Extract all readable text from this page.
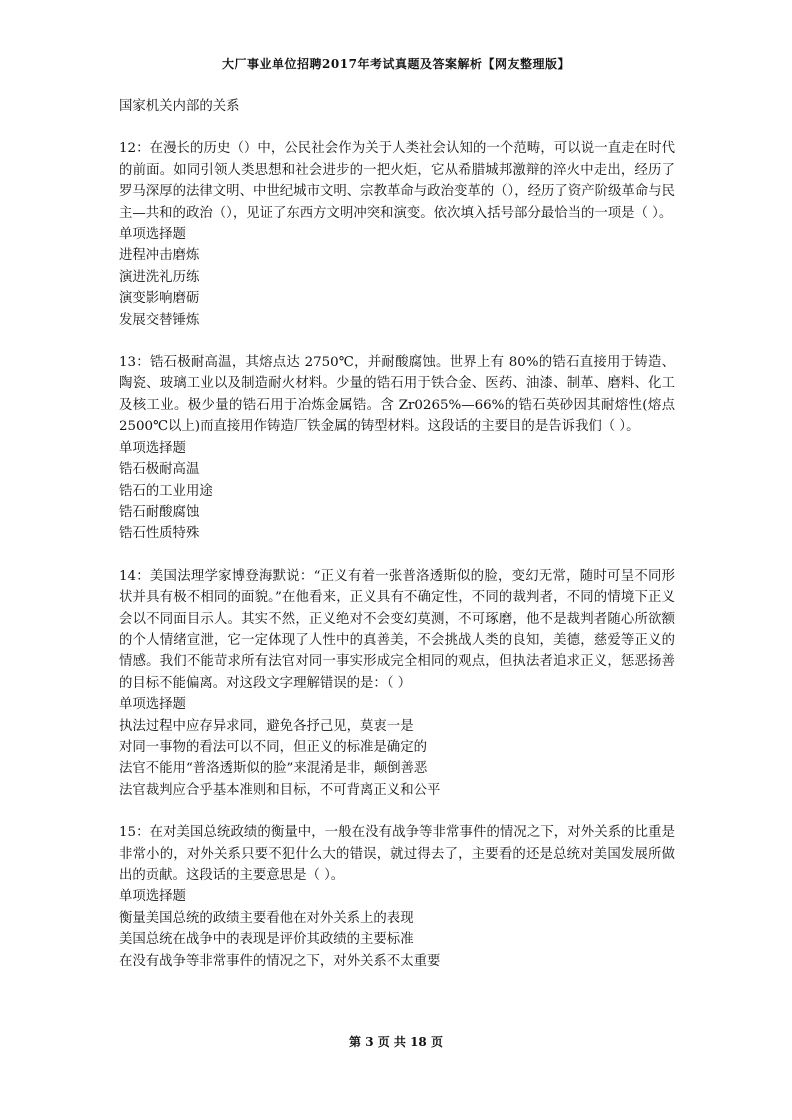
大厂事业单位招聘2017年考试真题及答案解析【网友整理版】
国家机关内部的关系
12：在漫长的历史（）中，公民社会作为关于人类社会认知的一个范畴，可以说一直走在时代的前面。如同引领人类思想和社会进步的一把火炬，它从希腊城邦激辩的淬火中走出，经历了罗马深厚的法律文明、中世纪城市文明、宗教革命与政治变革的（），经历了资产阶级革命与民主—共和的政治（），见证了东西方文明冲突和演变。依次填入括号部分最恰当的一项是（ ）。
单项选择题
进程冲击磨炼
演进洗礼历练
演变影响磨砺
发展交替锤炼
13：锆石极耐高温，其熔点达 2750℃，并耐酸腐蚀。世界上有 80%的锆石直接用于铸造、陶瓷、玻璃工业以及制造耐火材料。少量的锆石用于铁合金、医药、油漆、制革、磨料、化工及核工业。极少量的锆石用于冶炼金属锆。含 Zr0265%—66%的锆石英砂因其耐熔性(熔点 2500℃以上)而直接用作铸造厂铁金属的铸型材料。这段话的主要目的是告诉我们（ ）。
单项选择题
锆石极耐高温
锆石的工业用途
锆石耐酸腐蚀
锆石性质特殊
14：美国法理学家博登海默说：“正义有着一张普洛透斯似的脸，变幻无常，随时可呈不同形状并具有极不相同的面貌。”在他看来，正义具有不确定性，不同的裁判者，不同的情境下正义会以不同面目示人。其实不然，正义绝对不会变幻莫测，不可琢磨，他不是裁判者随心所欲额的个人情绪宣泄，它一定体现了人性中的真善美，不会挑战人类的良知，美德，慈爱等正义的情感。我们不能苛求所有法官对同一事实形成完全相同的观点，但执法者追求正义，惩恶扬善的目标不能偏离。对这段文字理解错误的是：（ ）
单项选择题
执法过程中应存异求同，避免各抒己见，莫衷一是
对同一事物的看法可以不同，但正义的标准是确定的
法官不能用“普洛透斯似的脸”来混淆是非，颠倒善恶
法官裁判应合乎基本准则和目标，不可背离正义和公平
15：在对美国总统政绩的衡量中，一般在没有战争等非常事件的情况之下，对外关系的比重是非常小的，对外关系只要不犯什么大的错误，就过得去了，主要看的还是总统对美国发展所做出的贡献。这段话的主要意思是（ ）。
单项选择题
衡量美国总统的政绩主要看他在对外关系上的表现
美国总统在战争中的表现是评价其政绩的主要标准
在没有战争等非常事件的情况之下，对外关系不太重要
第 3 页 共 18 页
